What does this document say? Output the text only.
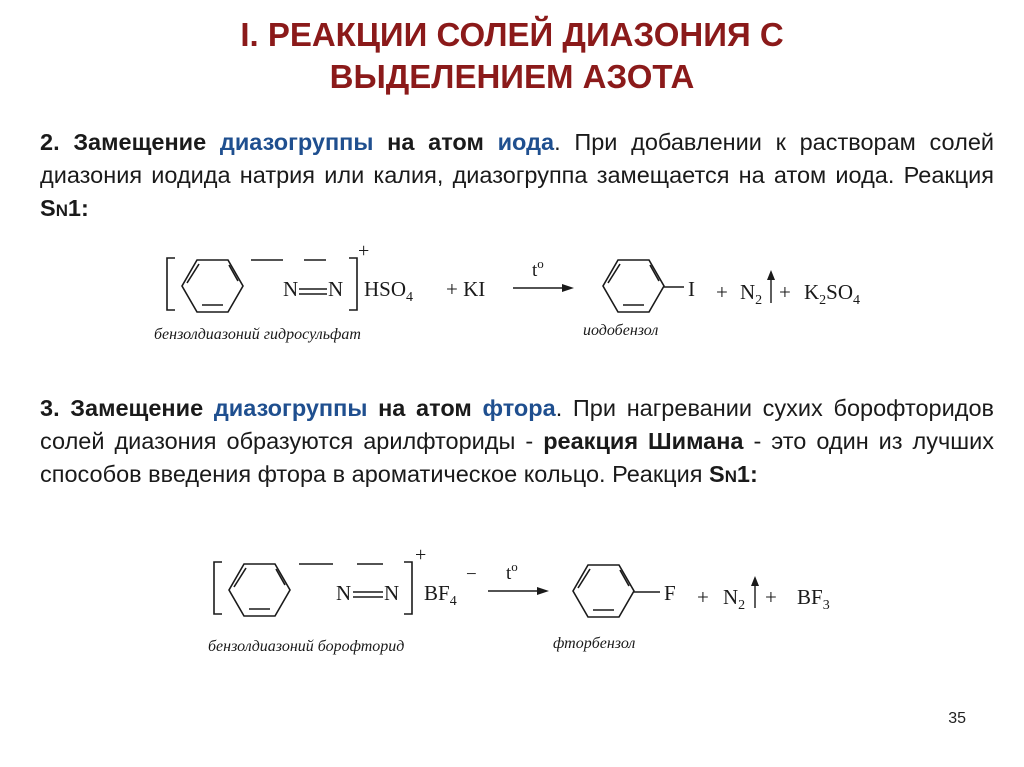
I. РЕАКЦИИ СОЛЕЙ ДИАЗОНИЯ С
ВЫДЕЛЕНИЕМ АЗОТА
2. Замещение диазогруппы на атом иода. При добавлении к растворам солей диазония иодида натрия или калия, диазогруппа замещается на атом иода. Реакция SN1:
3. Замещение диазогруппы на атом фтора. При нагревании сухих борофторидов солей диазония образуются арилфториды - реакция Шимана - это один из лучших способов введения фтора в ароматическое кольцо. Реакция SN1:
N N
+
$HSO_4$ + KI
$t^o$
$I + N_2 + K_2SO_4$
бензолдиазоний гидросульфат	иодобензол
N N
+
$BF_4$
− $t^o$
$F + N_2 + BF_3$
бензолдиазоний борофторид	фторбензол
35
